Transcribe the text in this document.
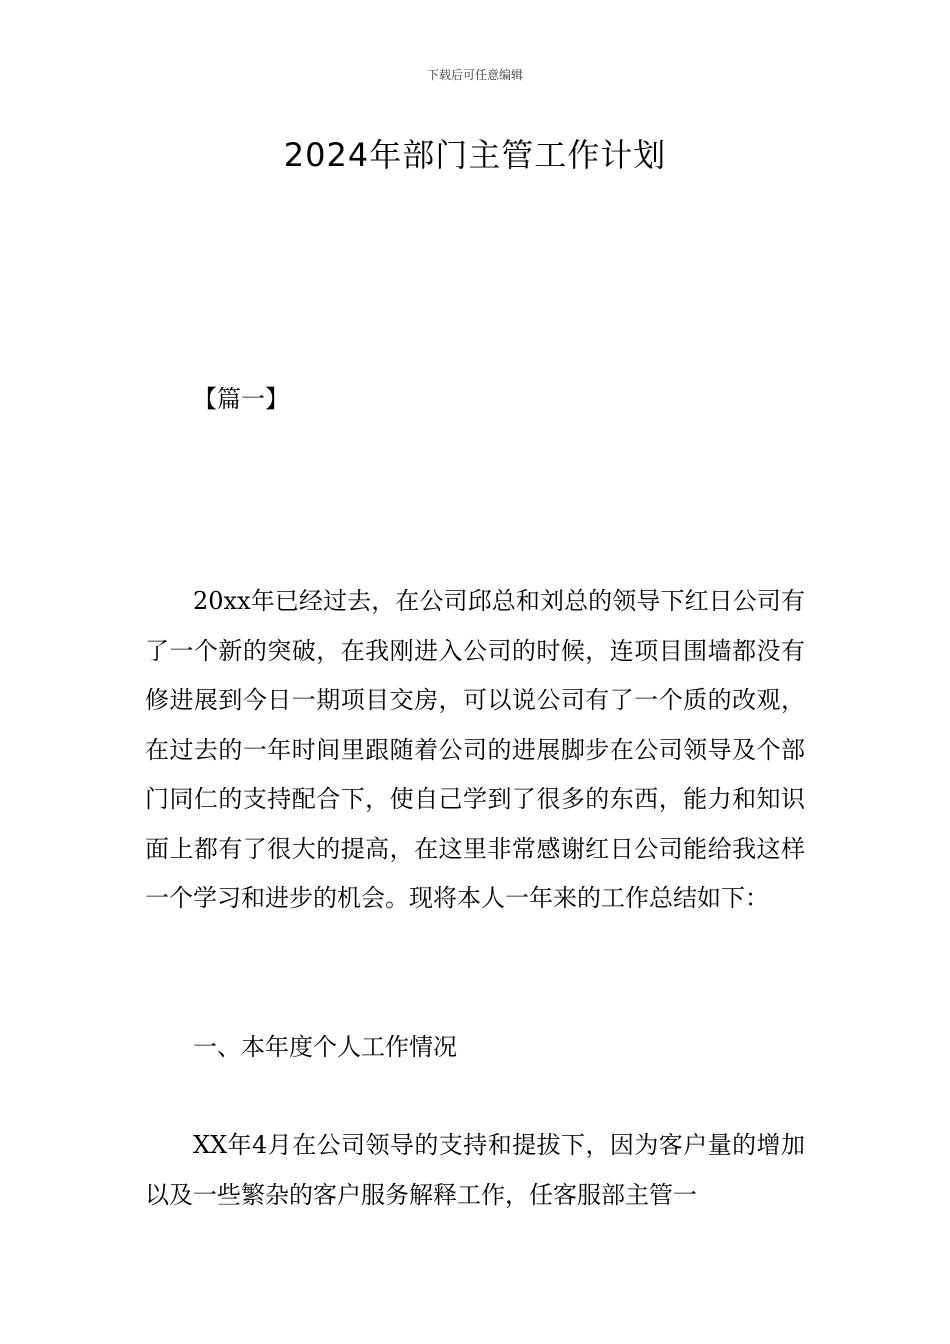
下载后可任意编辑
2024年部门主管工作计划
【篇一】

20xx年已经过去，在公司邱总和刘总的领导下红日公司有了一个新的突破，在我刚进入公司的时候，连项目围墙都没有修进展到今日一期项目交房，可以说公司有了一个质的改观，在过去的一年时间里跟随着公司的进展脚步在公司领导及个部门同仁的支持配合下，使自己学到了很多的东西，能力和知识面上都有了很大的提高，在这里非常感谢红日公司能给我这样一个学习和进步的机会。现将本人一年来的工作总结如下：

一、本年度个人工作情况

XX年4月在公司领导的支持和提拔下，因为客户量的增加以及一些繁杂的客户服务解释工作，任客服部主管一
